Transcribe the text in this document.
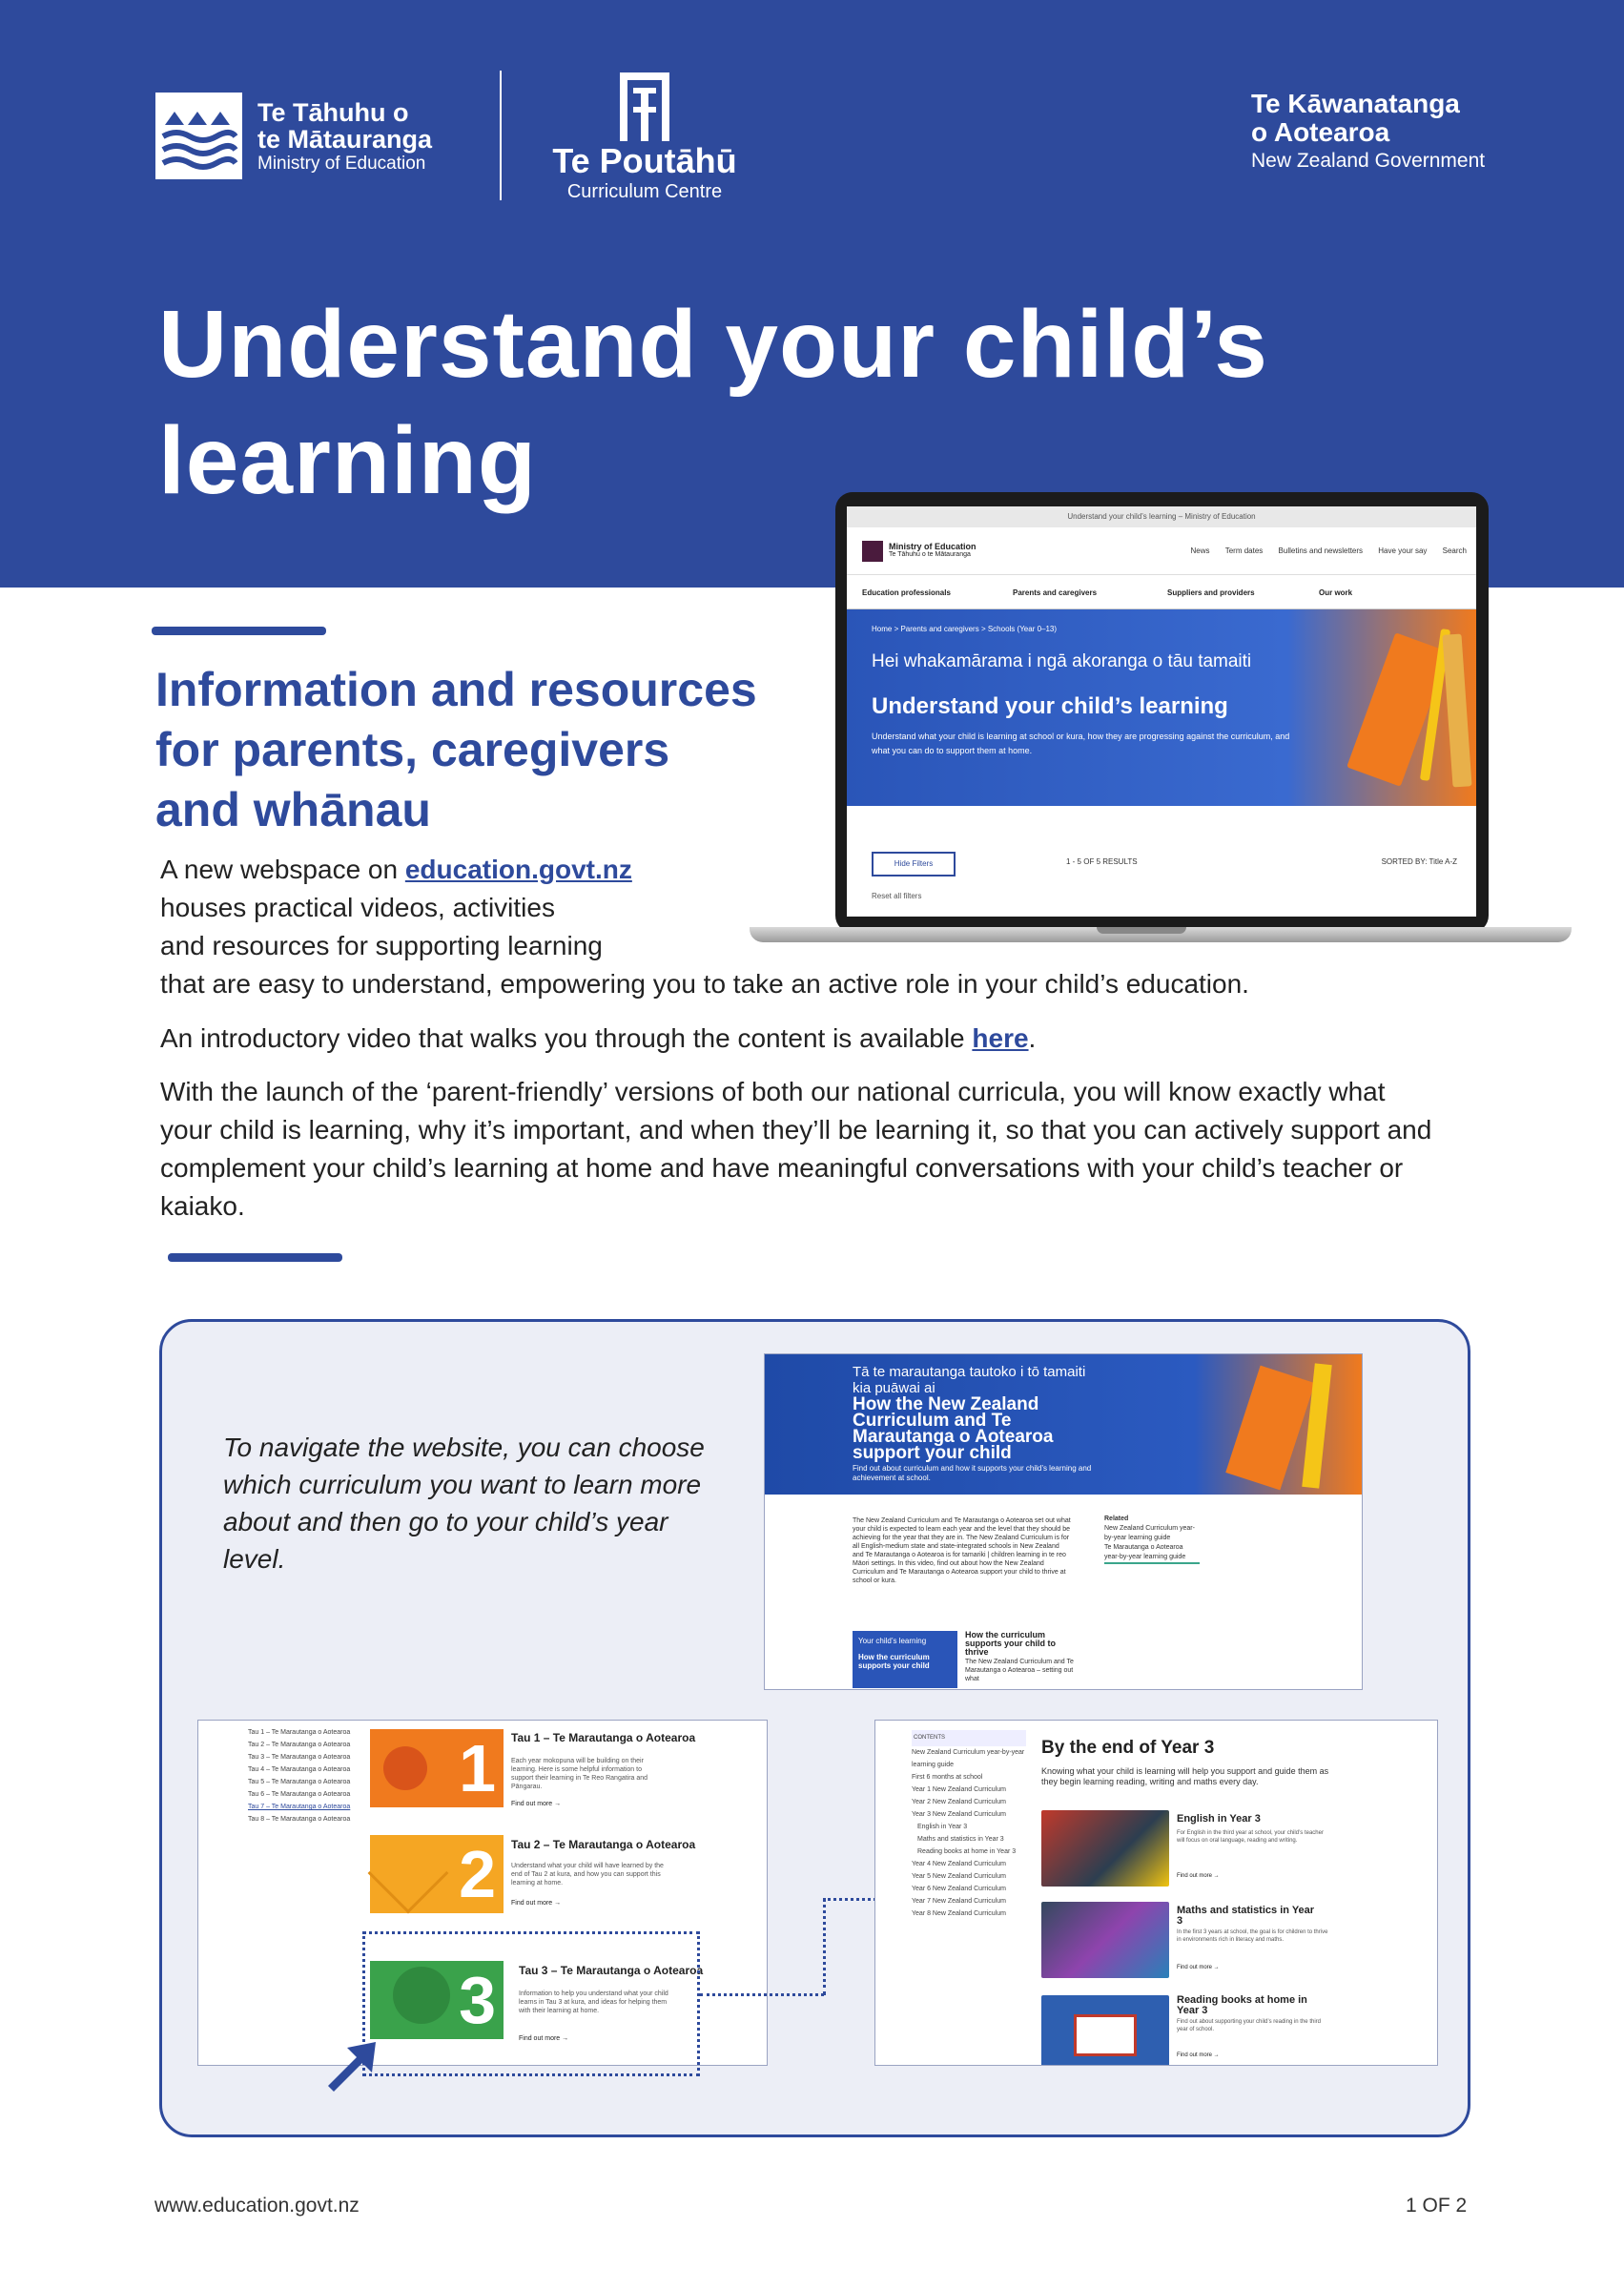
Te Tāhuhu o
te Mātauranga
Ministry of Education	Te Poutāhū
Curriculum Centre
Te Kāwanatanga
o Aotearoa
New Zealand Government
Understand your child’s learning
Information and resources for parents, caregivers and whānau
A new webspace on education.govt.nz
houses practical videos, activities
and resources for supporting learning
that are easy to understand, empowering you to take an active role in your child’s education.
An introductory video that walks you through the content is available here.
With the launch of the ‘parent-friendly’ versions of both our national curricula, you will know exactly what your child is learning, why it’s important, and when they’ll be learning it, so that you can actively support and complement your child’s learning at home and have meaningful conversations with your child’s teacher or kaiako.
Understand your child’s learning – Ministry of Education
Ministry of Education
Te Tāhuhu o te Mātauranga	News Term dates Bulletins and newsletters Have your say Search
Education professionals	Parents and caregivers	Suppliers and providers	Our work
Home > Parents and caregivers > Schools (Year 0–13)
Hei whakamārama i ngā akoranga o tāu tamaiti
Understand your child’s learning
Understand what your child is learning at school or kura, how they are progressing against the curriculum, and what you can do to support them at home.
Hide Filters	1 - 5 OF 5 RESULTS	SORTED BY: Title A-Z
Reset all filters
To navigate the website, you can choose which curriculum you want to learn more about and then go to your child’s year level.
Tā te marautanga tautoko i tō tamaiti kia puāwai ai
How the New Zealand Curriculum and Te Marautanga o Aotearoa support your child
Find out about curriculum and how it supports your child’s learning and achievement at school.
The New Zealand Curriculum and Te Marautanga o Aotearoa set out what your child is expected to learn each year and the level that they should be achieving for the year that they are in. The New Zealand Curriculum is for all English-medium state and state-integrated schools in New Zealand and Te Marautanga o Aotearoa is for tamariki | children learning in te reo Māori settings. In this video, find out about how the New Zealand Curriculum and Te Marautanga o Aotearoa support your child to thrive at school or kura.
Related
New Zealand Curriculum year-by-year learning guide
Te Marautanga o Aotearoa year-by-year learning guide
Your child’s learning
How the curriculum supports your child
How the curriculum supports your child to thrive
The New Zealand Curriculum and Te Marautanga o Aotearoa – setting out what
Tau 1 – Te Marautanga o Aotearoa
Tau 2 – Te Marautanga o Aotearoa
Tau 3 – Te Marautanga o Aotearoa
Tau 4 – Te Marautanga o Aotearoa
Tau 5 – Te Marautanga o Aotearoa
Tau 6 – Te Marautanga o Aotearoa
Tau 7 – Te Marautanga o Aotearoa
Tau 8 – Te Marautanga o Aotearoa
1 Tau 1 – Te Marautanga o Aotearoa
Each year mokopuna will be building on their learning. Here is some helpful information to support their learning in Te Reo Rangatira and Pāngarau.
Find out more →
2 Tau 2 – Te Marautanga o Aotearoa
Understand what your child will have learned by the end of Tau 2 at kura, and how you can support this learning at home.
Find out more →
3 Tau 3 – Te Marautanga o Aotearoa
Information to help you understand what your child learns in Tau 3 at kura, and ideas for helping them with their learning at home.
Find out more →
CONTENTS
New Zealand Curriculum year-by-year learning guide
First 6 months at school
Year 1 New Zealand Curriculum
Year 2 New Zealand Curriculum
Year 3 New Zealand Curriculum
English in Year 3
Maths and statistics in Year 3
Reading books at home in Year 3
Year 4 New Zealand Curriculum
Year 5 New Zealand Curriculum
Year 6 New Zealand Curriculum
Year 7 New Zealand Curriculum
Year 8 New Zealand Curriculum
By the end of Year 3
Knowing what your child is learning will help you support and guide them as they begin learning reading, writing and maths every day.
English in Year 3
For English in the third year at school, your child’s teacher will focus on oral language, reading and writing.
Find out more →
Maths and statistics in Year 3
In the first 3 years at school, the goal is for children to thrive in environments rich in literacy and maths.
Find out more →
Reading books at home in Year 3
Find out about supporting your child’s reading in the third year of school.
Find out more →
www.education.govt.nz	1 OF 2
